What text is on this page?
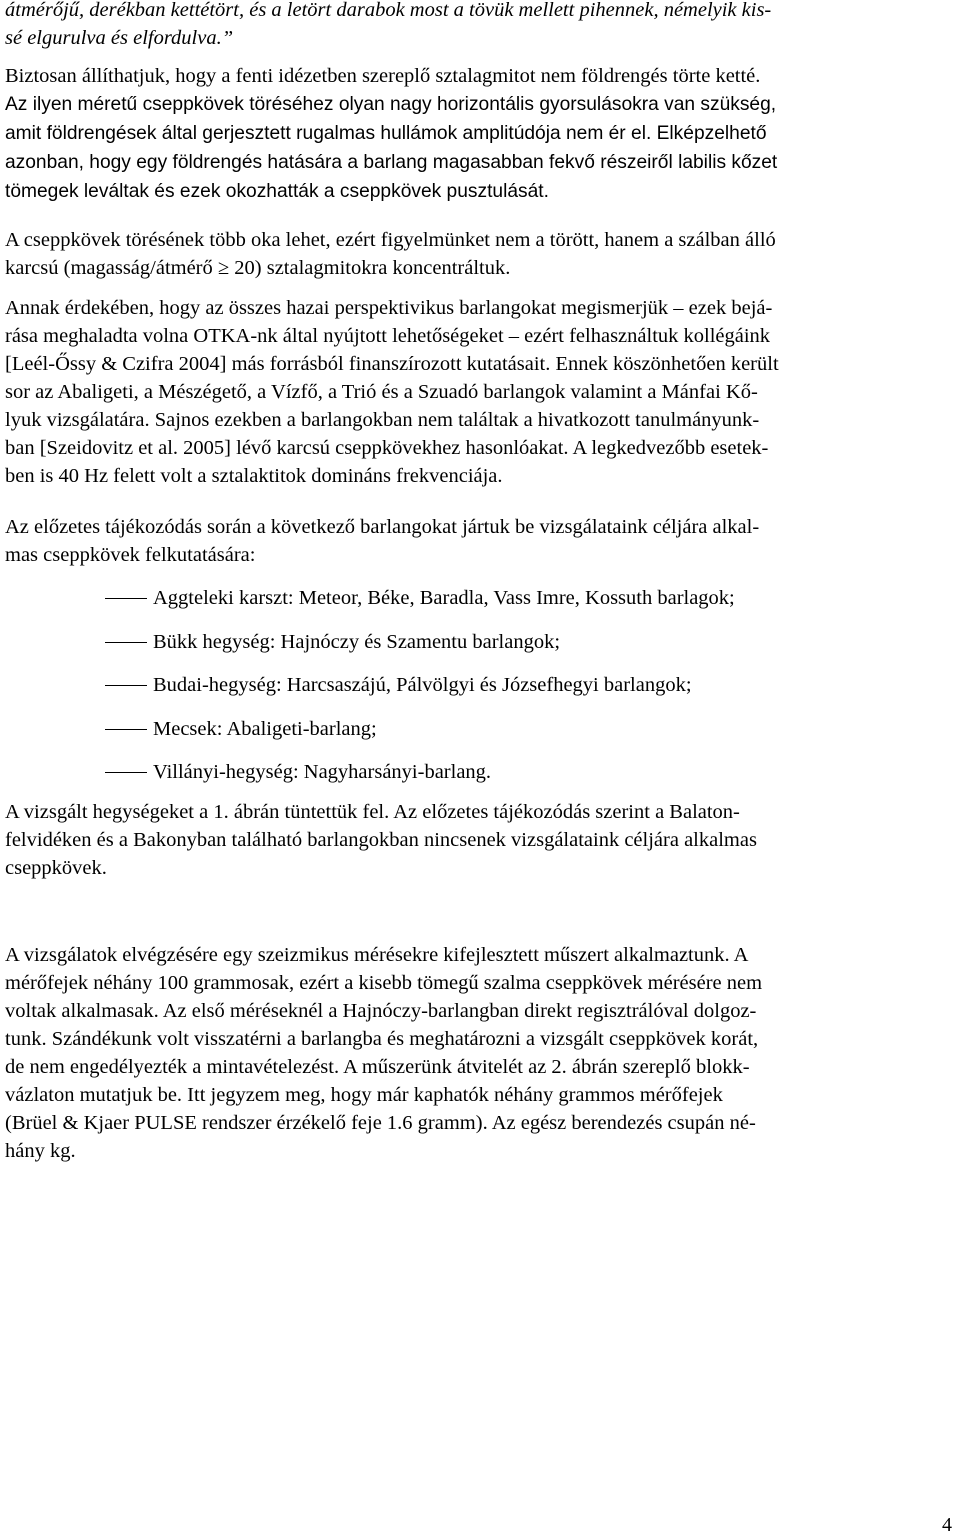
átmérőjű, derékban kettétört, és a letört darabok most a tövük mellett pihennek, némelyik kis-
sé elgurulva és elfordulva.”

Biztosan állíthatjuk, hogy a fenti idézetben szereplő sztalagmitot nem földrengés törte ketté.
Az ilyen méretű cseppkövek töréséhez olyan nagy horizontális gyorsulásokra van szükség,
amit földrengések által gerjesztett rugalmas hullámok amplitúdója nem ér el. Elképzelhető
azonban, hogy egy földrengés hatására a barlang magasabban fekvő részeiről labilis kőzet
tömegek leváltak és ezek okozhatták a cseppkövek pusztulását.

A cseppkövek törésének több oka lehet, ezért figyelmünket nem a törött, hanem a szálban álló
karcsú (magasság/átmérő ≥ 20) sztalagmitokra koncentráltuk.

Annak érdekében, hogy az összes hazai perspektivikus barlangokat megismerjük – ezek bejá-
rása meghaladta volna OTKA-nk által nyújtott lehetőségeket – ezért felhasználtuk kollégáink
[Leél-Őssy & Czifra 2004] más forrásból finanszírozott kutatásait. Ennek köszönhetően került
sor az Abaligeti, a Mészégető, a Vízfő, a Trió és a Szuadó barlangok valamint a Mánfai Kő-
lyuk vizsgálatára. Sajnos ezekben a barlangokban nem találtak a hivatkozott tanulmányunk-
ban [Szeidovitz et al. 2005] lévő karcsú cseppkövekhez hasonlóakat. A legkedvezőbb esetek-
ben is 40 Hz felett volt a sztalaktitok domináns frekvenciája.

Az előzetes tájékozódás során a következő barlangokat jártuk be vizsgálataink céljára alkal-
mas cseppkövek felkutatására:

Aggteleki karszt: Meteor, Béke, Baradla, Vass Imre, Kossuth barlagok;
Bükk hegység: Hajnóczy és Szamentu barlangok;
Budai-hegység: Harcsaszájú, Pálvölgyi és Józsefhegyi barlangok;
Mecsek: Abaligeti-barlang;
Villányi-hegység: Nagyharsányi-barlang.

A vizsgált hegységeket a 1. ábrán tüntettük fel. Az előzetes tájékozódás szerint a Balaton-
felvidéken és a Bakonyban található barlangokban nincsenek vizsgálataink céljára alkalmas
cseppkövek.

A vizsgálatok elvégzésére egy szeizmikus mérésekre kifejlesztett műszert alkalmaztunk. A
mérőfejek néhány 100 grammosak, ezért a kisebb tömegű szalma cseppkövek mérésére nem
voltak alkalmasak. Az első méréseknél a Hajnóczy-barlangban direkt regisztrálóval dolgoz-
tunk. Szándékunk volt visszatérni a barlangba és meghatározni a vizsgált cseppkövek korát,
de nem engedélyezték a mintavételezést. A műszerünk átvitelét az 2. ábrán szereplő blokk-
vázlaton mutatjuk be. Itt jegyzem meg, hogy már kaphatók néhány grammos mérőfejek
(Brüel & Kjaer PULSE rendszer érzékelő feje 1.6 gramm). Az egész berendezés csupán né-
hány kg.

4
